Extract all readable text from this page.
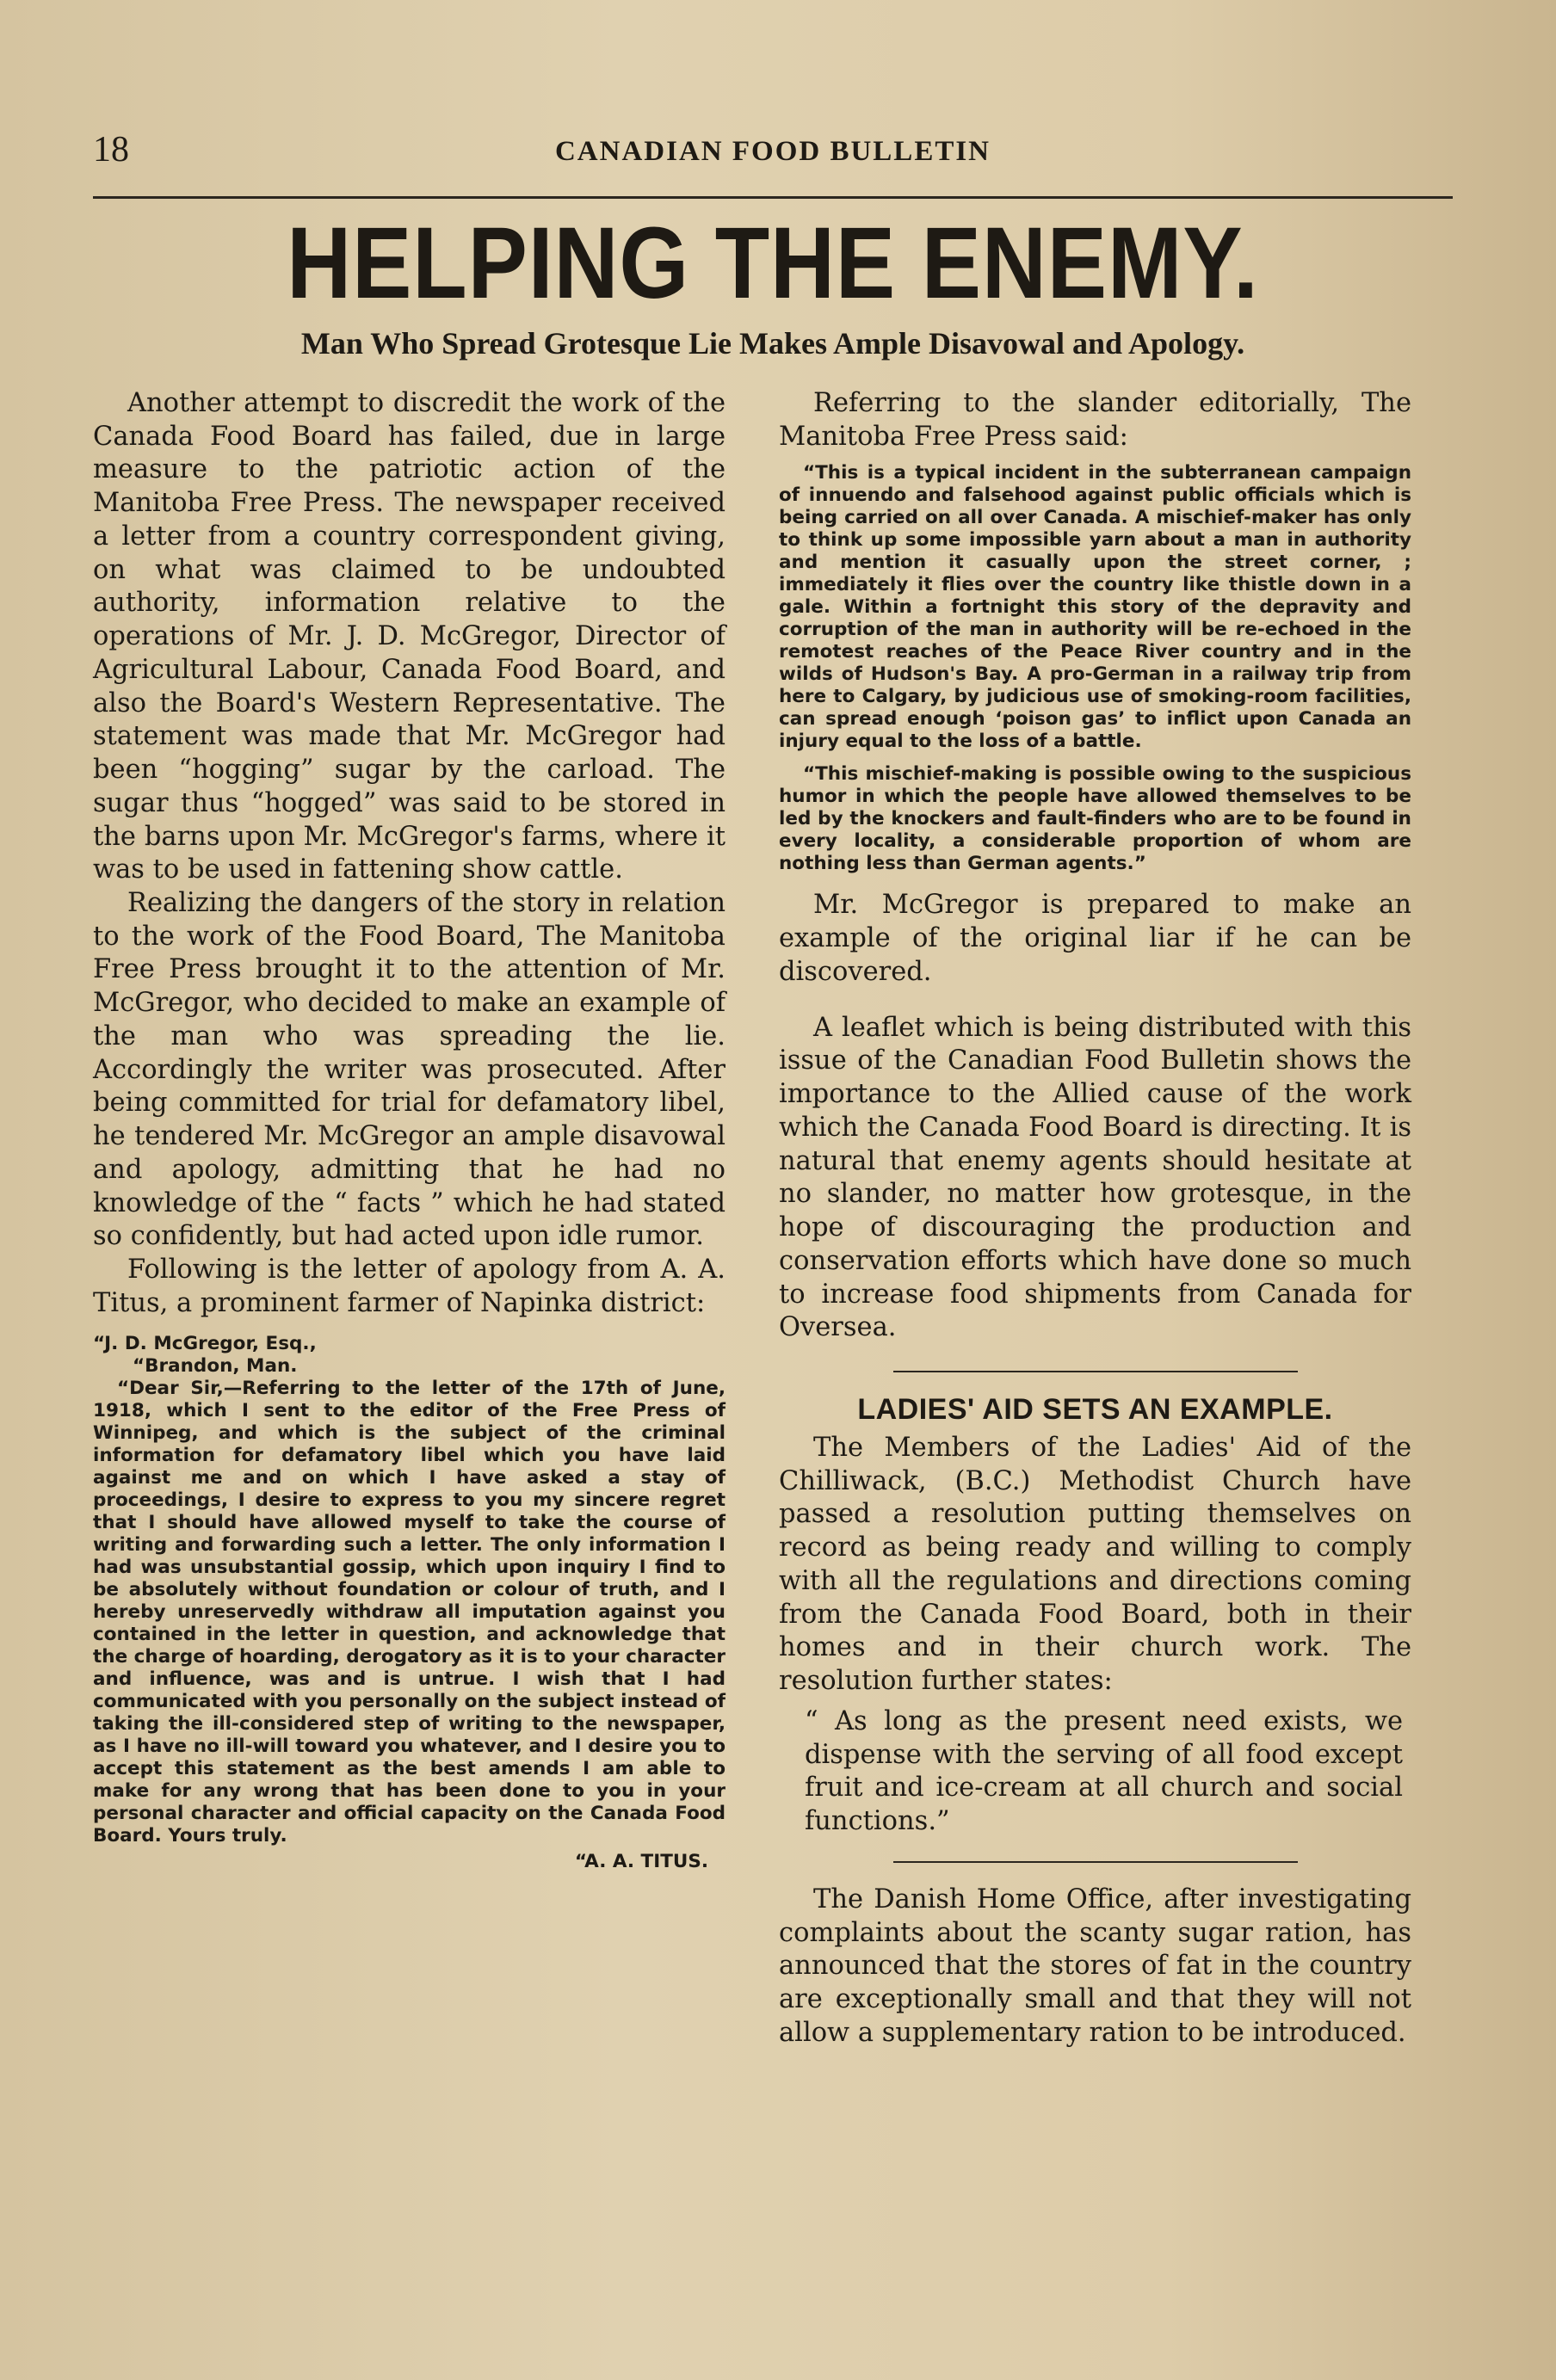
18	CANADIAN FOOD BULLETIN
HELPING THE ENEMY.
Man Who Spread Grotesque Lie Makes Ample Disavowal and Apology.

Another attempt to discredit the work of the Canada Food Board has failed, due in large measure to the patriotic action of the Manitoba Free Press. The newspaper received a letter from a country correspondent giving, on what was claimed to be undoubted authority, information relative to the operations of Mr. J. D. McGregor, Director of Agricultural Labour, Canada Food Board, and also the Board's Western Representative. The statement was made that Mr. McGregor had been “hogging” sugar by the carload. The sugar thus “hogged” was said to be stored in the barns upon Mr. McGregor's farms, where it was to be used in fattening show cattle.

Realizing the dangers of the story in relation to the work of the Food Board, The Manitoba Free Press brought it to the attention of Mr. McGregor, who decided to make an example of the man who was spreading the lie. Accordingly the writer was prosecuted. After being committed for trial for defamatory libel, he tendered Mr. McGregor an ample disavowal and apology, admitting that he had no knowledge of the “ facts ” which he had stated so confidently, but had acted upon idle rumor.

Following is the letter of apology from A. A. Titus, a prominent farmer of Napinka district:

“J. D. McGregor, Esq.,

“Brandon, Man.

“Dear Sir,—Referring to the letter of the 17th of June, 1918, which I sent to the editor of the Free Press of Winnipeg, and which is the subject of the criminal information for defamatory libel which you have laid against me and on which I have asked a stay of proceedings, I desire to express to you my sincere regret that I should have allowed myself to take the course of writing and forwarding such a letter. The only information I had was unsubstantial gossip, which upon inquiry I find to be absolutely without foundation or colour of truth, and I hereby unreservedly withdraw all imputation against you contained in the letter in question, and acknowledge that the charge of hoarding, derogatory as it is to your character and influence, was and is untrue. I wish that I had communicated with you personally on the subject instead of taking the ill-considered step of writing to the newspaper, as I have no ill-will toward you whatever, and I desire you to accept this statement as the best amends I am able to make for any wrong that has been done to you in your personal character and official capacity on the Canada Food Board. Yours truly.

“A. A. TITUS.

Referring to the slander editorially, The Manitoba Free Press said:

“This is a typical incident in the subterranean campaign of innuendo and falsehood against public officials which is being carried on all over Canada. A mischief-maker has only to think up some impossible yarn about a man in authority and mention it casually upon the street corner, ; immediately it flies over the country like thistle down in a gale. Within a fortnight this story of the depravity and corruption of the man in authority will be re-echoed in the remotest reaches of the Peace River country and in the wilds of Hudson's Bay. A pro-German in a railway trip from here to Calgary, by judicious use of smoking-room facilities, can spread enough ‘poison gas’ to inflict upon Canada an injury equal to the loss of a battle.

“This mischief-making is possible owing to the suspicious humor in which the people have allowed themselves to be led by the knockers and fault-finders who are to be found in every locality, a considerable proportion of whom are nothing less than German agents.”

Mr. McGregor is prepared to make an example of the original liar if he can be discovered.

A leaflet which is being distributed with this issue of the Canadian Food Bulletin shows the importance to the Allied cause of the work which the Canada Food Board is directing. It is natural that enemy agents should hesitate at no slander, no matter how grotesque, in the hope of discouraging the production and conservation efforts which have done so much to increase food shipments from Canada for Oversea.

LADIES' AID SETS AN EXAMPLE.

The Members of the Ladies' Aid of the Chilliwack, (B.C.) Methodist Church have passed a resolution putting themselves on record as being ready and willing to comply with all the regulations and directions coming from the Canada Food Board, both in their homes and in their church work. The resolution further states:

“ As long as the present need exists, we dispense with the serving of all food except fruit and ice-cream at all church and social functions.”

The Danish Home Office, after investigating complaints about the scanty sugar ration, has announced that the stores of fat in the country are exceptionally small and that they will not allow a supplementary ration to be introduced.
